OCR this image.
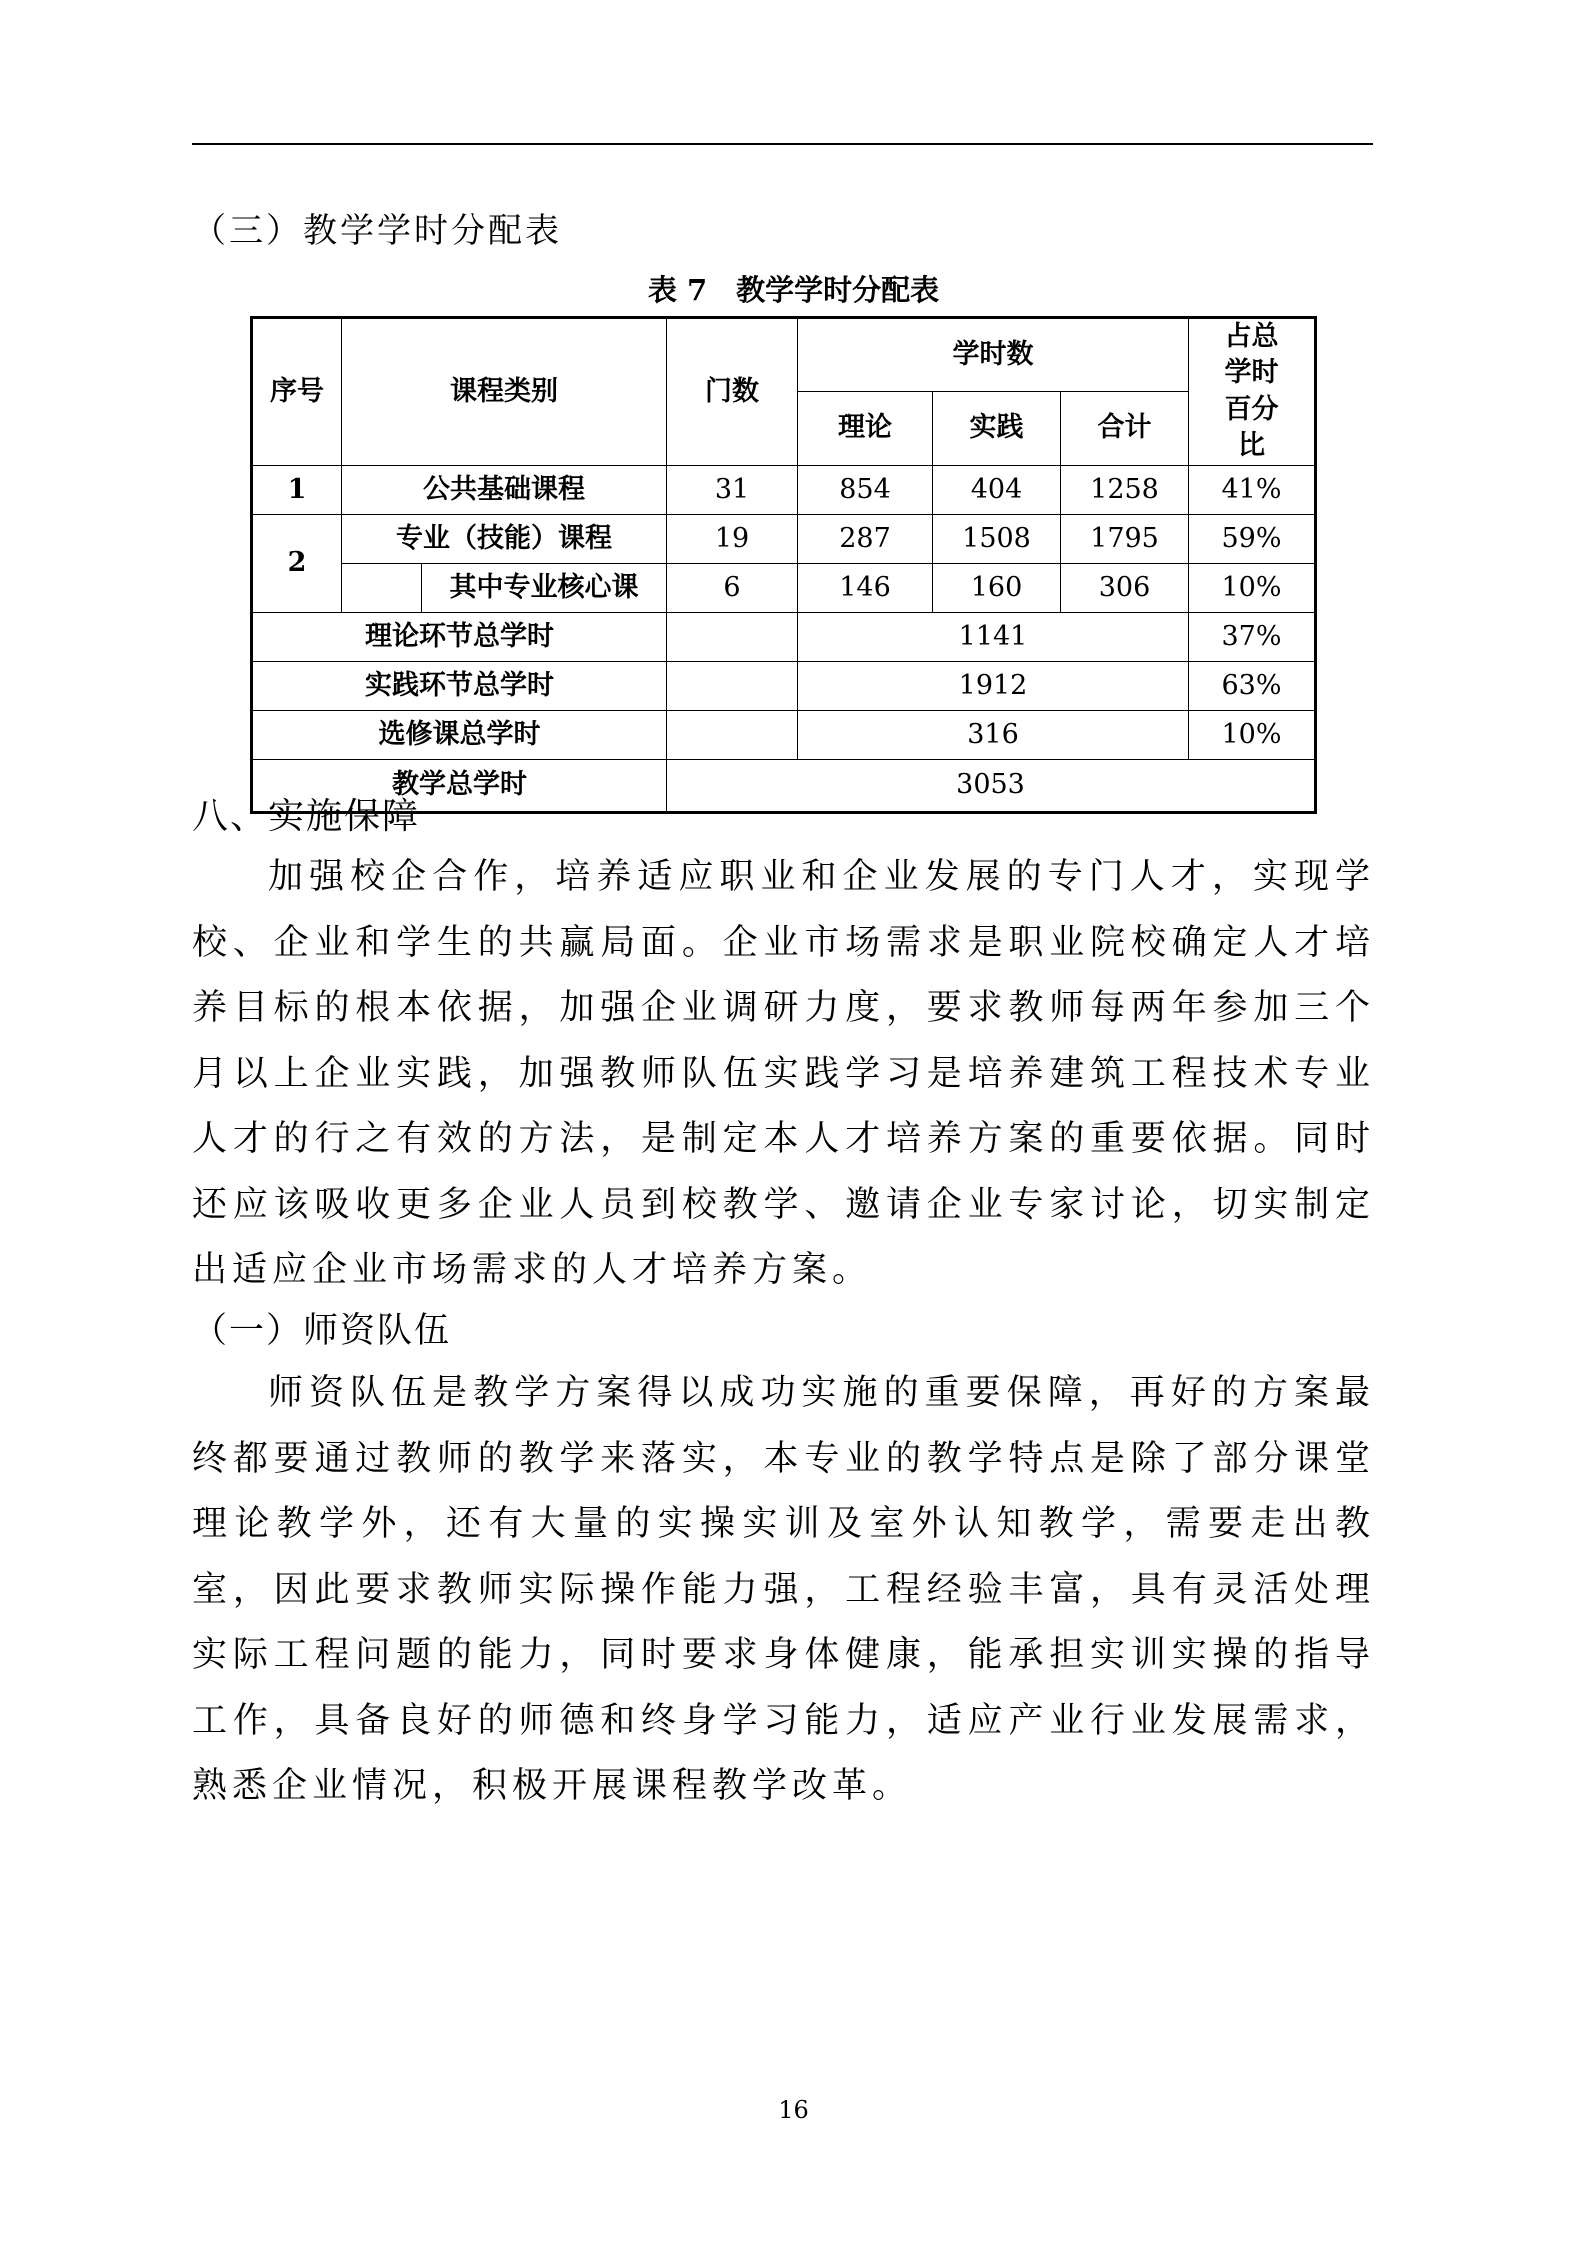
（三）教学学时分配表
表 7　教学学时分配表
序号	课程类别		门数	学时数			占总学时百分比
				理论	实践	合计	
1	公共基础课程		31	854	404	1258	41%
2	专业（技能）课程		19	287	1508	1795	59%
		其中专业核心课	6	146	160	306	10%
理论环节总学时				1141			37%
实践环节总学时				1912			63%
选修课总学时				316			10%
教学总学时			3053				
八、实施保障
加强校企合作，培养适应职业和企业发展的专门人才，实现学校、企业和学生的共赢局面。企业市场需求是职业院校确定人才培养目标的根本依据，加强企业调研力度，要求教师每两年参加三个月以上企业实践，加强教师队伍实践学习是培养建筑工程技术专业人才的行之有效的方法，是制定本人才培养方案的重要依据。同时还应该吸收更多企业人员到校教学、邀请企业专家讨论，切实制定出适应企业市场需求的人才培养方案。
（一）师资队伍
师资队伍是教学方案得以成功实施的重要保障，再好的方案最终都要通过教师的教学来落实，本专业的教学特点是除了部分课堂理论教学外，还有大量的实操实训及室外认知教学，需要走出教室，因此要求教师实际操作能力强，工程经验丰富，具有灵活处理实际工程问题的能力，同时要求身体健康，能承担实训实操的指导工作，具备良好的师德和终身学习能力，适应产业行业发展需求，熟悉企业情况，积极开展课程教学改革。
16
